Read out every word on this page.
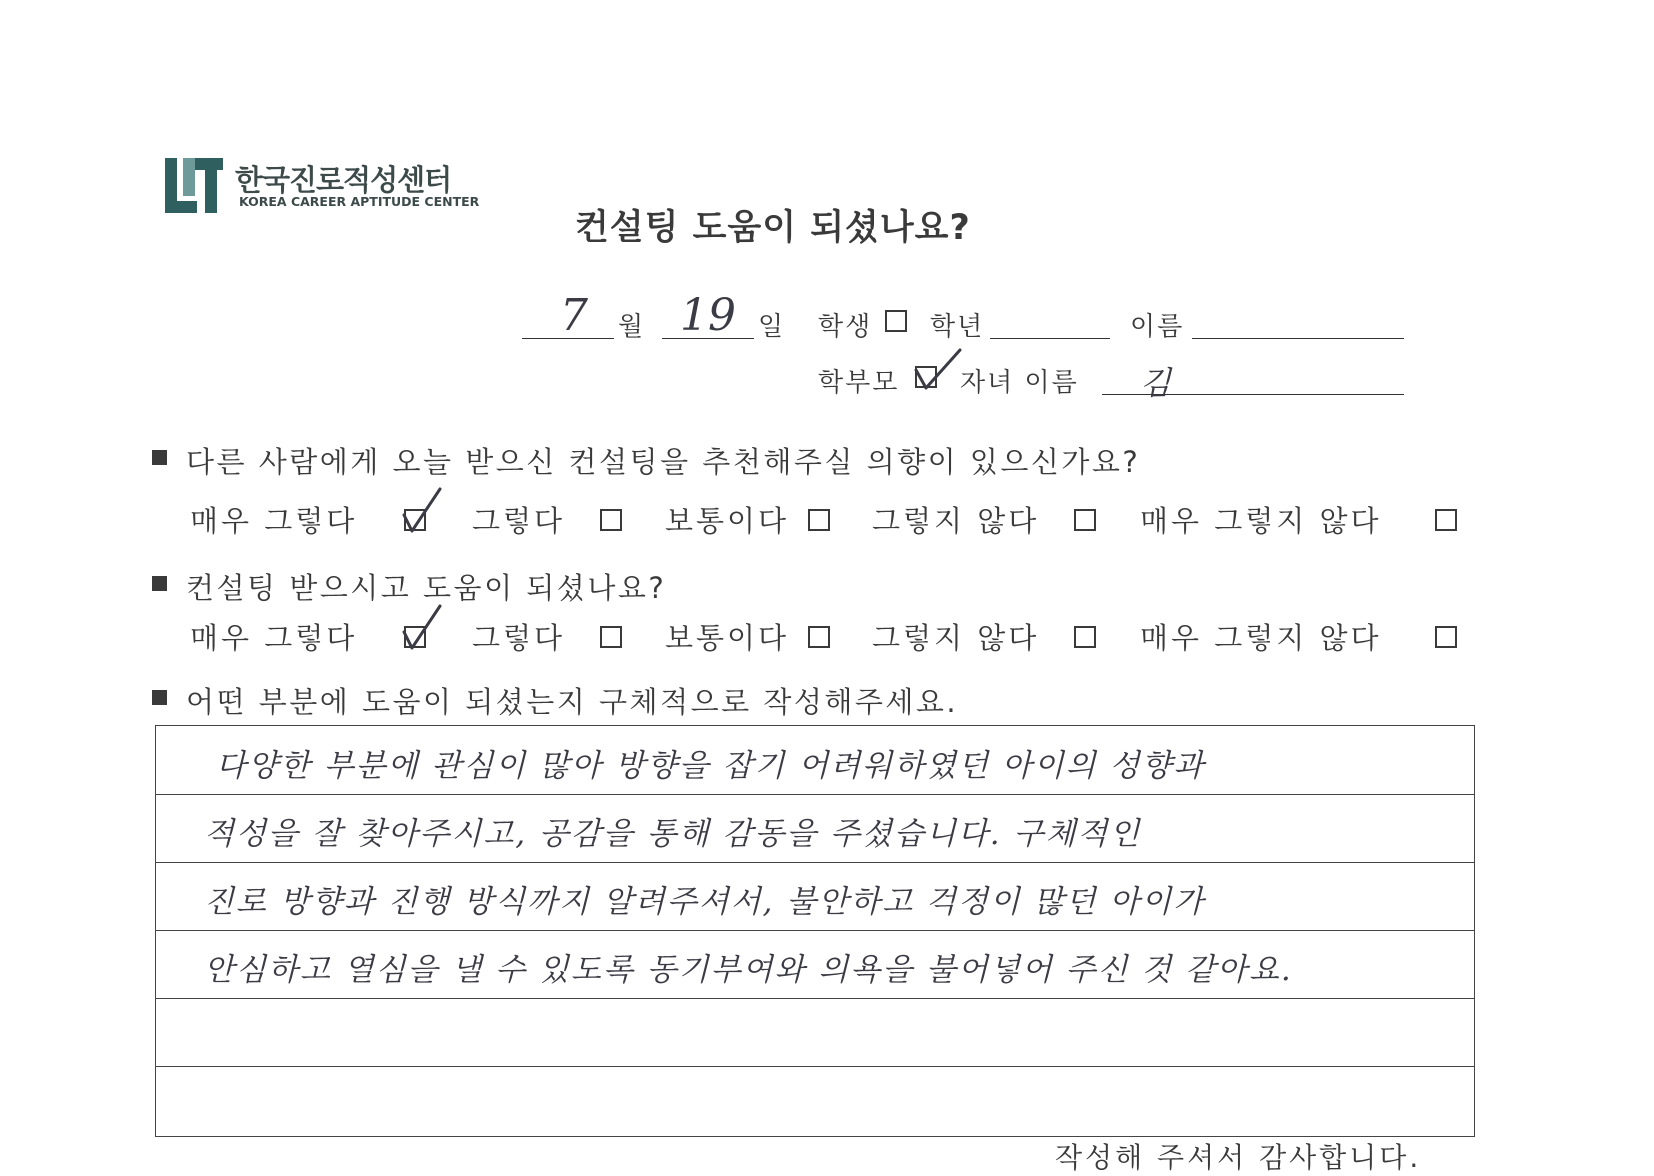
한국진로적성센터
KOREA CAREER APTITUDE CENTER
컨설팅 도움이 되셨나요?
7 월 19 일 학생 학년	이름
학부모 자녀 이름 김
다른 사람에게 오늘 받으신 컨설팅을 추천해주실 의향이 있으신가요?
매우 그렇다	그렇다	보통이다	그렇지 않다	매우 그렇지 않다
컨설팅 받으시고 도움이 되셨나요?
매우 그렇다	그렇다	보통이다	그렇지 않다	매우 그렇지 않다
어떤 부분에 도움이 되셨는지 구체적으로 작성해주세요.
다양한 부분에 관심이 많아 방향을 잡기 어려워하였던 아이의 성향과
적성을 잘 찾아주시고, 공감을 통해 감동을 주셨습니다. 구체적인
진로 방향과 진행 방식까지 알려주셔서, 불안하고 걱정이 많던 아이가
안심하고 열심을 낼 수 있도록 동기부여와 의욕을 불어넣어 주신 것 같아요.
작성해 주셔서 감사합니다.
